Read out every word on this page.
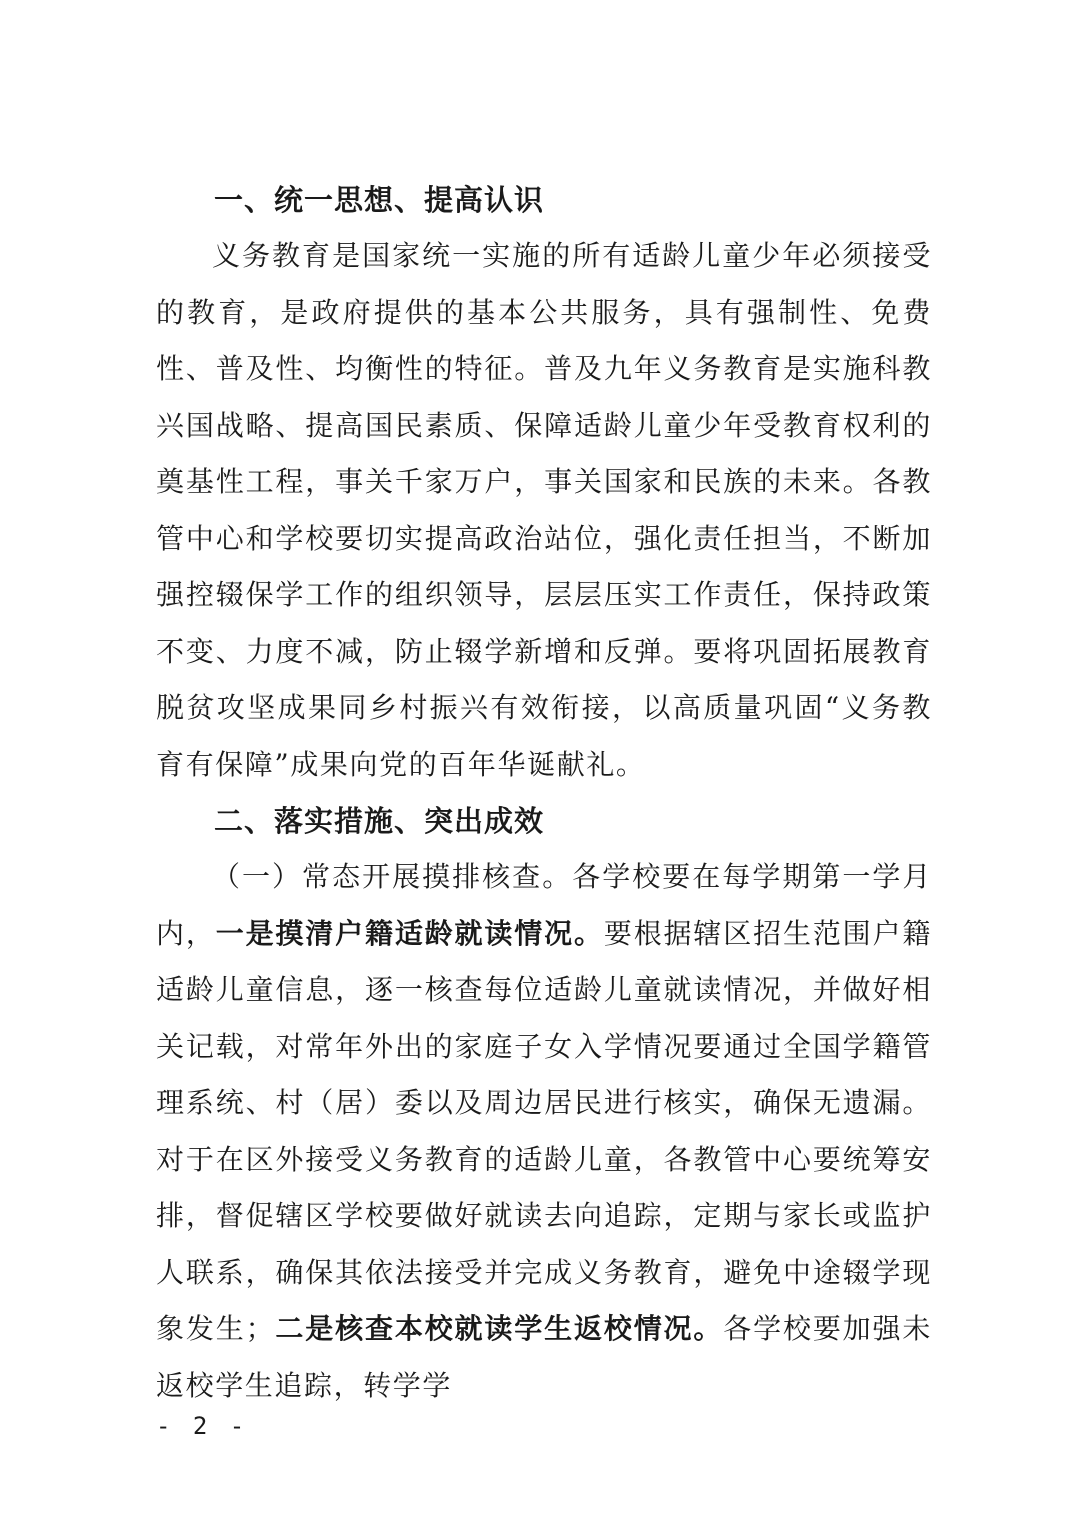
一、统一思想、提高认识

义务教育是国家统一实施的所有适龄儿童少年必须接受的教育，是政府提供的基本公共服务，具有强制性、免费性、普及性、均衡性的特征。普及九年义务教育是实施科教兴国战略、提高国民素质、保障适龄儿童少年受教育权利的奠基性工程，事关千家万户，事关国家和民族的未来。各教管中心和学校要切实提高政治站位，强化责任担当，不断加强控辍保学工作的组织领导，层层压实工作责任，保持政策不变、力度不减，防止辍学新增和反弹。要将巩固拓展教育脱贫攻坚成果同乡村振兴有效衔接，以高质量巩固“义务教育有保障”成果向党的百年华诞献礼。

二、落实措施、突出成效

（一）常态开展摸排核查。各学校要在每学期第一学月内，一是摸清户籍适龄就读情况。要根据辖区招生范围户籍适龄儿童信息，逐一核查每位适龄儿童就读情况，并做好相关记载，对常年外出的家庭子女入学情况要通过全国学籍管理系统、村（居）委以及周边居民进行核实，确保无遗漏。对于在区外接受义务教育的适龄儿童，各教管中心要统筹安排，督促辖区学校要做好就读去向追踪，定期与家长或监护人联系，确保其依法接受并完成义务教育，避免中途辍学现象发生；二是核查本校就读学生返校情况。各学校要加强未返校学生追踪，转学学

- 2 -
